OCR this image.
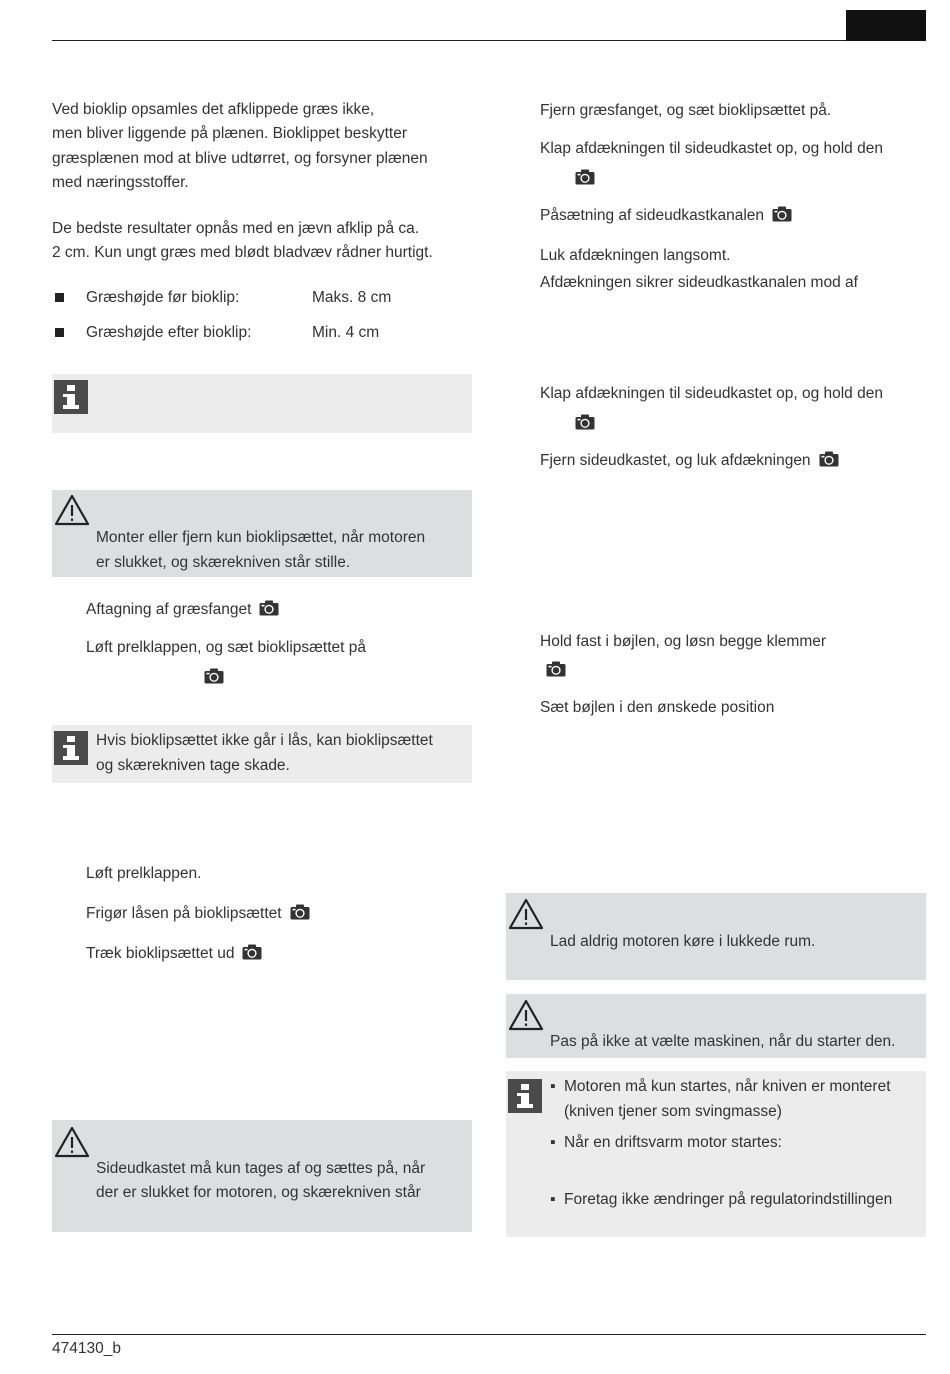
Ved bioklip opsamles det afklippede græs ikke,
men bliver liggende på plænen. Bioklippet beskytter
græsplænen mod at blive udtørret, og forsyner plænen
med næringsstoffer.
De bedste resultater opnås med en jævn afklip på ca.
2 cm. Kun ungt græs med blødt bladvæv rådner hurtigt.
Græshøjde før bioklip:	Maks. 8 cm
Græshøjde efter bioklip:	Min. 4 cm
Monter eller fjern kun bioklipsættet, når motoren
er slukket, og skærekniven står stille.
Aftagning af græsfanget
Løft prelklappen, og sæt bioklipsættet på
Hvis bioklipsættet ikke går i lås, kan bioklipsættet
og skærekniven tage skade.
Løft prelklappen.
Frigør låsen på bioklipsættet
Træk bioklipsættet ud
Sideudkastet må kun tages af og sættes på, når
der er slukket for motoren, og skærekniven står
Fjern græsfanget, og sæt bioklipsættet på.
Klap afdækningen til sideudkastet op, og hold den
Påsætning af sideudkastkanalen
Luk afdækningen langsomt.
Afdækningen sikrer sideudkastkanalen mod af
Klap afdækningen til sideudkastet op, og hold den
Fjern sideudkastet, og luk afdækningen
Hold fast i bøjlen, og løsn begge klemmer
Sæt bøjlen i den ønskede position
Lad aldrig motoren køre i lukkede rum.
Pas på ikke at vælte maskinen, når du starter den.
▪ Motoren må kun startes, når kniven er monteret
(kniven tjener som svingmasse)
▪ Når en driftsvarm motor startes:
▪ Foretag ikke ændringer på regulatorindstillingen
474130_b
